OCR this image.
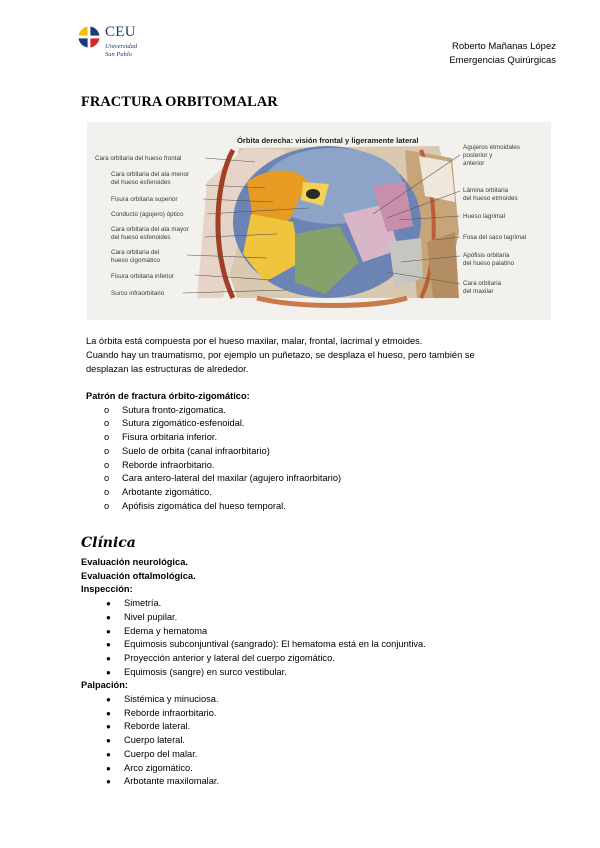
CEU
Universidad
San Pablo
Roberto Mañanas López
Emergencias Quirúrgicas
FRACTURA ORBITOMALAR
Órbita derecha: visión frontal y ligeramente lateral
Cara orbitaria del hueso frontal
Cara orbitaria del ala menor
del hueso esfenoides
Fisura orbitaria superior
Conducto (agujero) óptico
Cara orbitaria del ala mayor
del hueso esfenoides
Cara orbitaria del
hueso cigomático
Fisura orbitaria inferior
Surco infraorbitario
Agujeros etmoidales
posterior y
anterior
Lámina orbitaria
del hueso etmoides
Hueso lagrimal
Fosa del saco lagrimal
Apófisis orbitaria
del hueso palatino
Cara orbitaria
del maxilar
La órbita está compuesta por el hueso maxilar, malar, frontal, lacrimal y etmoides.
Cuando hay un traumatismo, por ejemplo un puñetazo, se desplaza el hueso, pero también se
desplazan las estructuras de alrededor.
Patrón de fractura órbito-zigomático:
o Sutura fronto-zigomatica.
o Sutura zigomático-esfenoidal.
o Fisura orbitaria inferior.
o Suelo de orbita (canal infraorbitario)
o Reborde infraorbitario.
o Cara antero-lateral del maxilar (agujero infraorbitario)
o Arbotante zigomático.
o Apófisis zigomática del hueso temporal.
Clínica
Evaluación neurológica.
Evaluación oftalmológica.
Inspección:
● Simetría.
● Nivel pupilar.
● Edema y hematoma
● Equimosis subconjuntival (sangrado): El hematoma está en la conjuntiva.
● Proyección anterior y lateral del cuerpo zigomático.
● Equimosis (sangre) en surco vestibular.
Palpación:
● Sistémica y minuciosa.
● Reborde infraorbitario.
● Reborde lateral.
● Cuerpo lateral.
● Cuerpo del malar.
● Arco zigomático.
● Arbotante maxilomalar.
